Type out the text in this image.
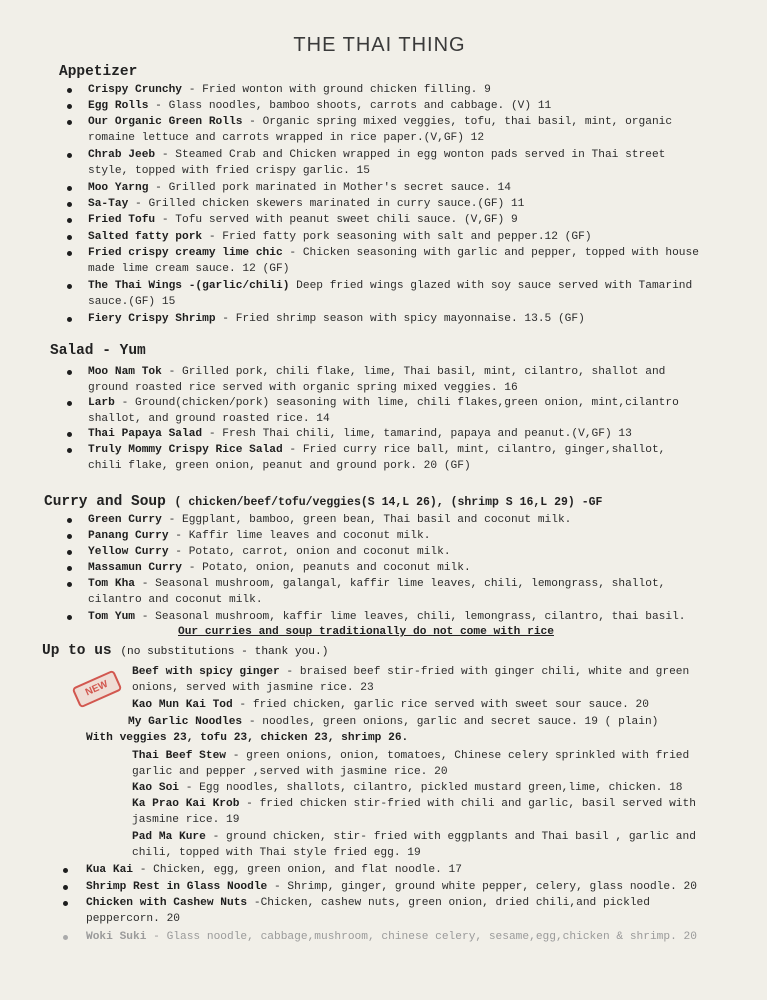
THE THAI THING
Appetizer
Crispy Crunchy - Fried wonton with ground chicken filling. 9
Egg Rolls - Glass noodles, bamboo shoots, carrots and cabbage. (V) 11
Our Organic Green Rolls - Organic spring mixed veggies, tofu, thai basil, mint, organic
romaine lettuce and carrots wrapped in rice paper.(V,GF) 12
Chrab Jeeb - Steamed Crab and Chicken wrapped in egg wonton pads served in Thai street
style, topped with fried crispy garlic. 15
Moo Yarng - Grilled pork marinated in Mother's secret sauce. 14
Sa-Tay - Grilled chicken skewers marinated in curry sauce.(GF) 11
Fried Tofu - Tofu served with peanut sweet chili sauce. (V,GF) 9
Salted fatty pork - Fried fatty pork seasoning with salt and pepper.12 (GF)
Fried crispy creamy lime chic - Chicken seasoning with garlic and pepper, topped with house
made lime cream sauce. 12 (GF)
The Thai Wings -(garlic/chili) Deep fried wings glazed with soy sauce served with Tamarind
sauce.(GF) 15
Fiery Crispy Shrimp - Fried shrimp season with spicy mayonnaise. 13.5 (GF)
Salad - Yum
Moo Nam Tok - Grilled pork, chili flake, lime, Thai basil, mint, cilantro, shallot and
ground roasted rice served with organic spring mixed veggies. 16
Larb - Ground(chicken/pork) seasoning with lime, chili flakes,green onion, mint,cilantro
shallot, and ground roasted rice. 14
Thai Papaya Salad - Fresh Thai chili, lime, tamarind, papaya and peanut.(V,GF) 13
Truly Mommy Crispy Rice Salad - Fried curry rice ball, mint, cilantro, ginger,shallot,
chili flake, green onion, peanut and ground pork. 20 (GF)
Curry and Soup ( chicken/beef/tofu/veggies(S 14,L 26), (shrimp S 16,L 29) -GF
Green Curry - Eggplant, bamboo, green bean, Thai basil and coconut milk.
Panang Curry - Kaffir lime leaves and coconut milk.
Yellow Curry - Potato, carrot, onion and coconut milk.
Massamun Curry - Potato, onion, peanuts and coconut milk.
Tom Kha - Seasonal mushroom, galangal, kaffir lime leaves, chili, lemongrass, shallot,
cilantro and coconut milk.
Tom Yum - Seasonal mushroom, kaffir lime leaves, chili, lemongrass, cilantro, thai basil.
Our curries and soup traditionally do not come with rice
Up to us (no substitutions - thank you.)
NEW
Beef with spicy ginger - braised beef stir-fried with ginger chili, white and green
onions, served with jasmine rice. 23
Kao Mun Kai Tod - fried chicken, garlic rice served with sweet sour sauce. 20
My Garlic Noodles - noodles, green onions, garlic and secret sauce. 19 ( plain)
With veggies 23, tofu 23, chicken 23, shrimp 26.
Thai Beef Stew - green onions, onion, tomatoes, Chinese celery sprinkled with fried
garlic and pepper ,served with jasmine rice. 20
Kao Soi - Egg noodles, shallots, cilantro, pickled mustard green,lime, chicken. 18
Ka Prao Kai Krob - fried chicken stir-fried with chili and garlic, basil served with
jasmine rice. 19
Pad Ma Kure - ground chicken, stir- fried with eggplants and Thai basil , garlic and
chili, topped with Thai style fried egg. 19
Kua Kai - Chicken, egg, green onion, and flat noodle. 17
Shrimp Rest in Glass Noodle - Shrimp, ginger, ground white pepper, celery, glass noodle. 20
Chicken with Cashew Nuts -Chicken, cashew nuts, green onion, dried chili,and pickled
peppercorn. 20
Woki Suki - Glass noodle, cabbage,mushroom, chinese celery, sesame,egg,chicken & shrimp. 20
